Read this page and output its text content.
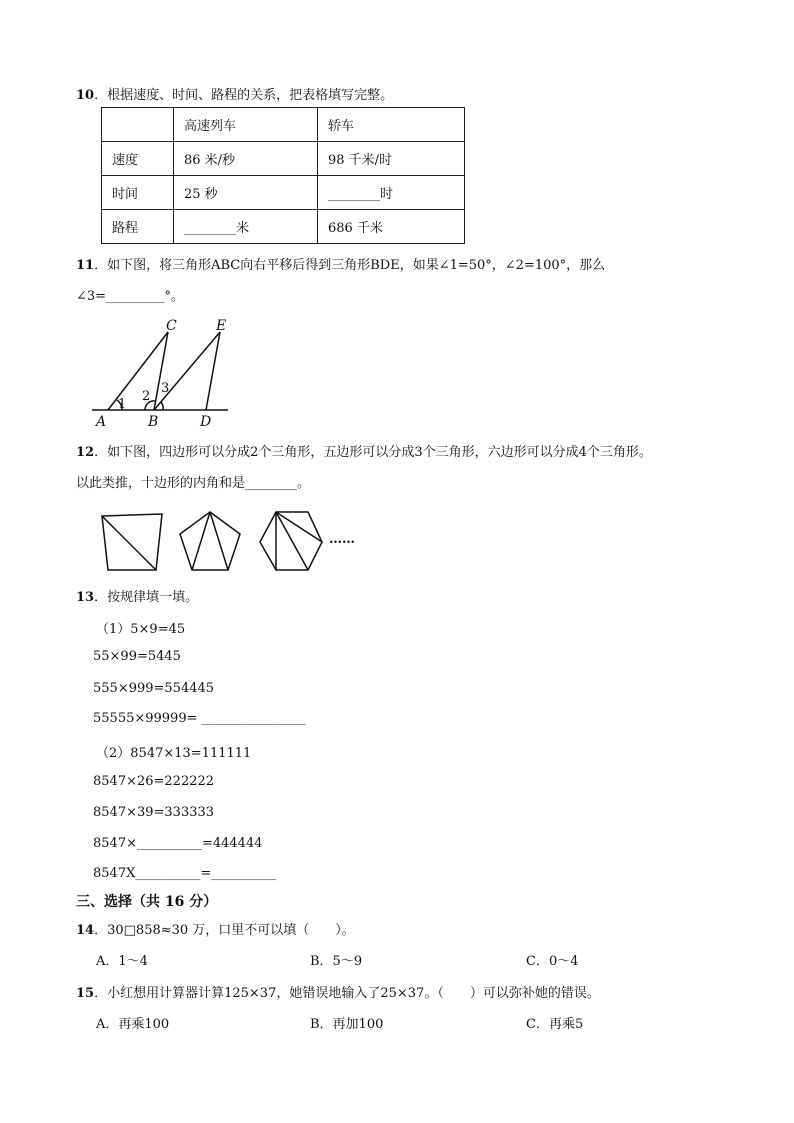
10．根据速度、时间、路程的关系，把表格填写完整。
	高速列车	轿车
速度	86 米/秒	98 千米/时
时间	25 秒	________时
路程	________米	686 千米
11．如下图，将三角形ABC向右平移后得到三角形BDE，如果∠1=50°，∠2=100°，那么
∠3=_________°。
A	B
C
D
E
1
2
3
12．如下图，四边形可以分成2个三角形，五边形可以分成3个三角形，六边形可以分成4个三角形。
以此类推，十边形的内角和是________。
……
13．按规律填一填。
（1）5×9=45
55×99=5445
555×999=554445
55555×99999= ________________
（2）8547×13=111111
8547×26=222222
8547×39=333333
8547×__________=444444
8547X__________=__________
三、选择（共 16 分）
14．30□858≈30 万，口里不可以填（　　）。
A．1～4	B．5～9	C．0～4
15．小红想用计算器计算125×37，她错误地输入了25×37。（　　）可以弥补她的错误。
A．再乘100	B．再加100	C．再乘5
